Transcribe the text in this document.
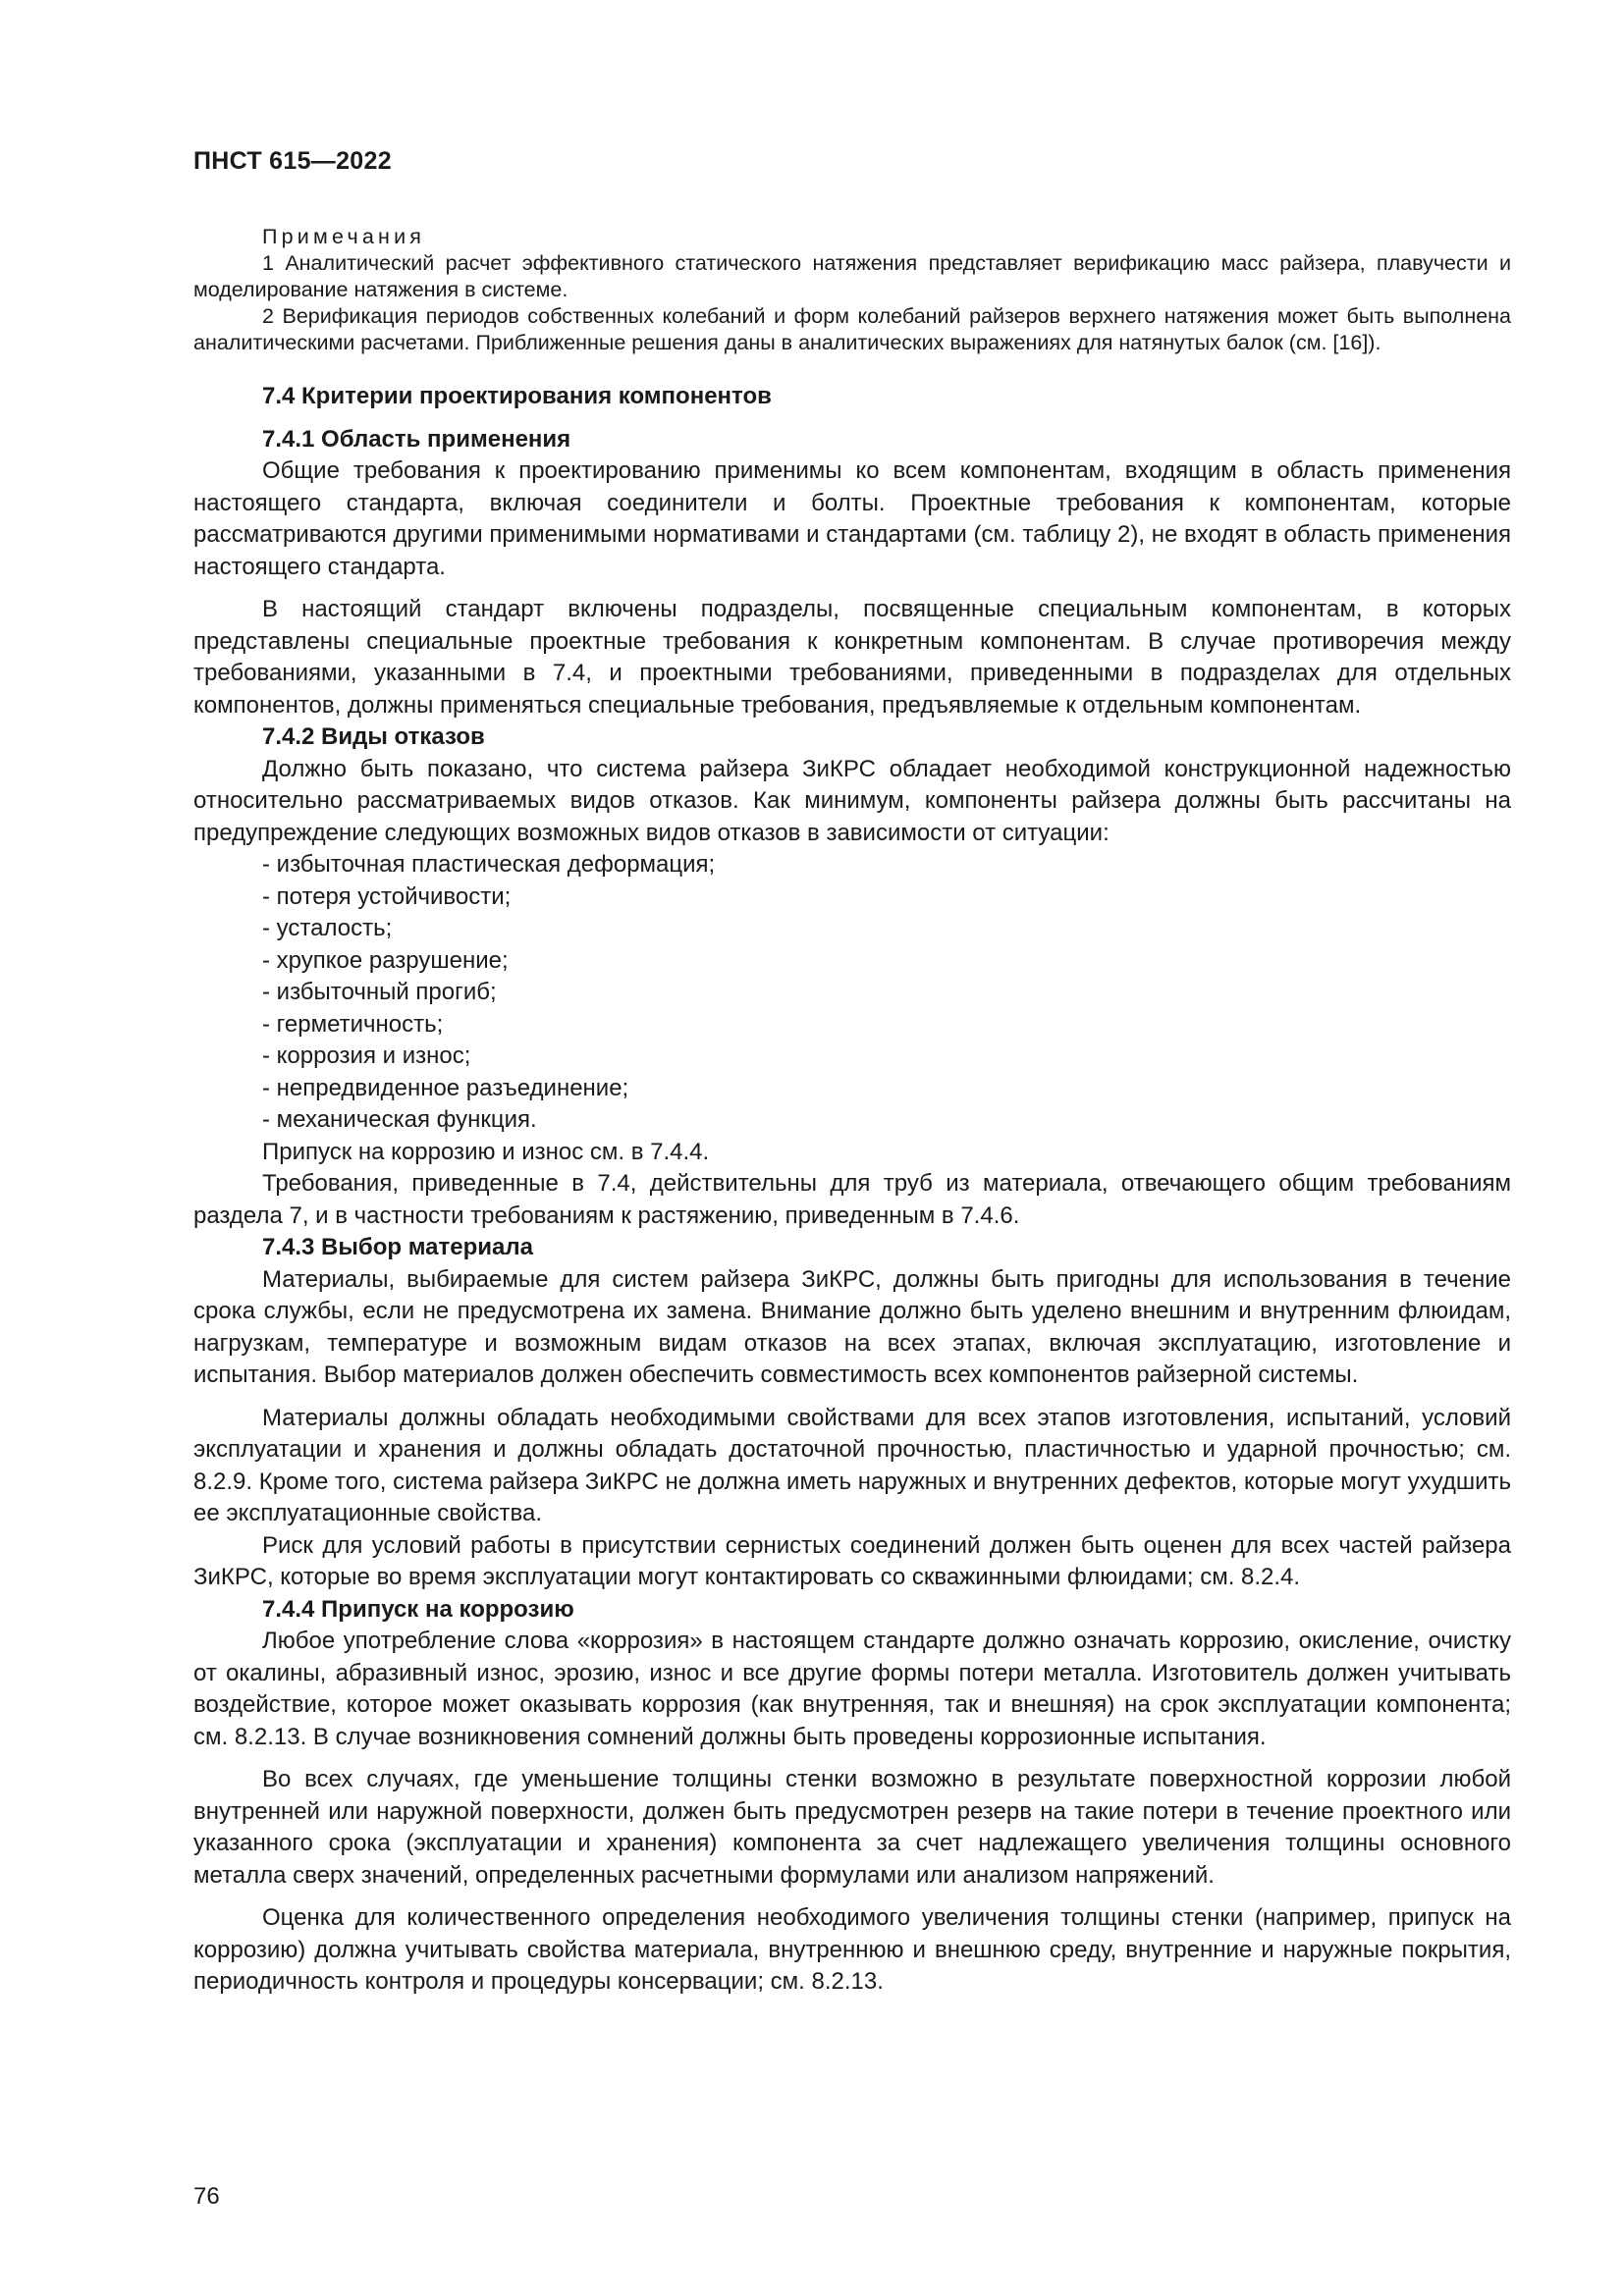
ПНСТ 615—2022
Примечания
1 Аналитический расчет эффективного статического натяжения представляет верификацию масс райзера, плавучести и моделирование натяжения в системе.
2 Верификация периодов собственных колебаний и форм колебаний райзеров верхнего натяжения может быть выполнена аналитическими расчетами. Приближенные решения даны в аналитических выражениях для натянутых балок (см. [16]).
7.4 Критерии проектирования компонентов
7.4.1 Область применения
Общие требования к проектированию применимы ко всем компонентам, входящим в область применения настоящего стандарта, включая соединители и болты. Проектные требования к компонентам, которые рассматриваются другими применимыми нормативами и стандартами (см. таблицу 2), не входят в область применения настоящего стандарта.
В настоящий стандарт включены подразделы, посвященные специальным компонентам, в которых представлены специальные проектные требования к конкретным компонентам. В случае противоречия между требованиями, указанными в 7.4, и проектными требованиями, приведенными в подразделах для отдельных компонентов, должны применяться специальные требования, предъявляемые к отдельным компонентам.
7.4.2 Виды отказов
Должно быть показано, что система райзера ЗиКРС обладает необходимой конструкционной надежностью относительно рассматриваемых видов отказов. Как минимум, компоненты райзера должны быть рассчитаны на предупреждение следующих возможных видов отказов в зависимости от ситуации:
- избыточная пластическая деформация;
- потеря устойчивости;
- усталость;
- хрупкое разрушение;
- избыточный прогиб;
- герметичность;
- коррозия и износ;
- непредвиденное разъединение;
- механическая функция.
Припуск на коррозию и износ см. в 7.4.4.
Требования, приведенные в 7.4, действительны для труб из материала, отвечающего общим требованиям раздела 7, и в частности требованиям к растяжению, приведенным в 7.4.6.
7.4.3 Выбор материала
Материалы, выбираемые для систем райзера ЗиКРС, должны быть пригодны для использования в течение срока службы, если не предусмотрена их замена. Внимание должно быть уделено внешним и внутренним флюидам, нагрузкам, температуре и возможным видам отказов на всех этапах, включая эксплуатацию, изготовление и испытания. Выбор материалов должен обеспечить совместимость всех компонентов райзерной системы.
Материалы должны обладать необходимыми свойствами для всех этапов изготовления, испытаний, условий эксплуатации и хранения и должны обладать достаточной прочностью, пластичностью и ударной прочностью; см. 8.2.9. Кроме того, система райзера ЗиКРС не должна иметь наружных и внутренних дефектов, которые могут ухудшить ее эксплуатационные свойства.
Риск для условий работы в присутствии сернистых соединений должен быть оценен для всех частей райзера ЗиКРС, которые во время эксплуатации могут контактировать со скважинными флюидами; см. 8.2.4.
7.4.4 Припуск на коррозию
Любое употребление слова «коррозия» в настоящем стандарте должно означать коррозию, окисление, очистку от окалины, абразивный износ, эрозию, износ и все другие формы потери металла. Изготовитель должен учитывать воздействие, которое может оказывать коррозия (как внутренняя, так и внешняя) на срок эксплуатации компонента; см. 8.2.13. В случае возникновения сомнений должны быть проведены коррозионные испытания.
Во всех случаях, где уменьшение толщины стенки возможно в результате поверхностной коррозии любой внутренней или наружной поверхности, должен быть предусмотрен резерв на такие потери в течение проектного или указанного срока (эксплуатации и хранения) компонента за счет надлежащего увеличения толщины основного металла сверх значений, определенных расчетными формулами или анализом напряжений.
Оценка для количественного определения необходимого увеличения толщины стенки (например, припуск на коррозию) должна учитывать свойства материала, внутреннюю и внешнюю среду, внутренние и наружные покрытия, периодичность контроля и процедуры консервации; см. 8.2.13.
76
